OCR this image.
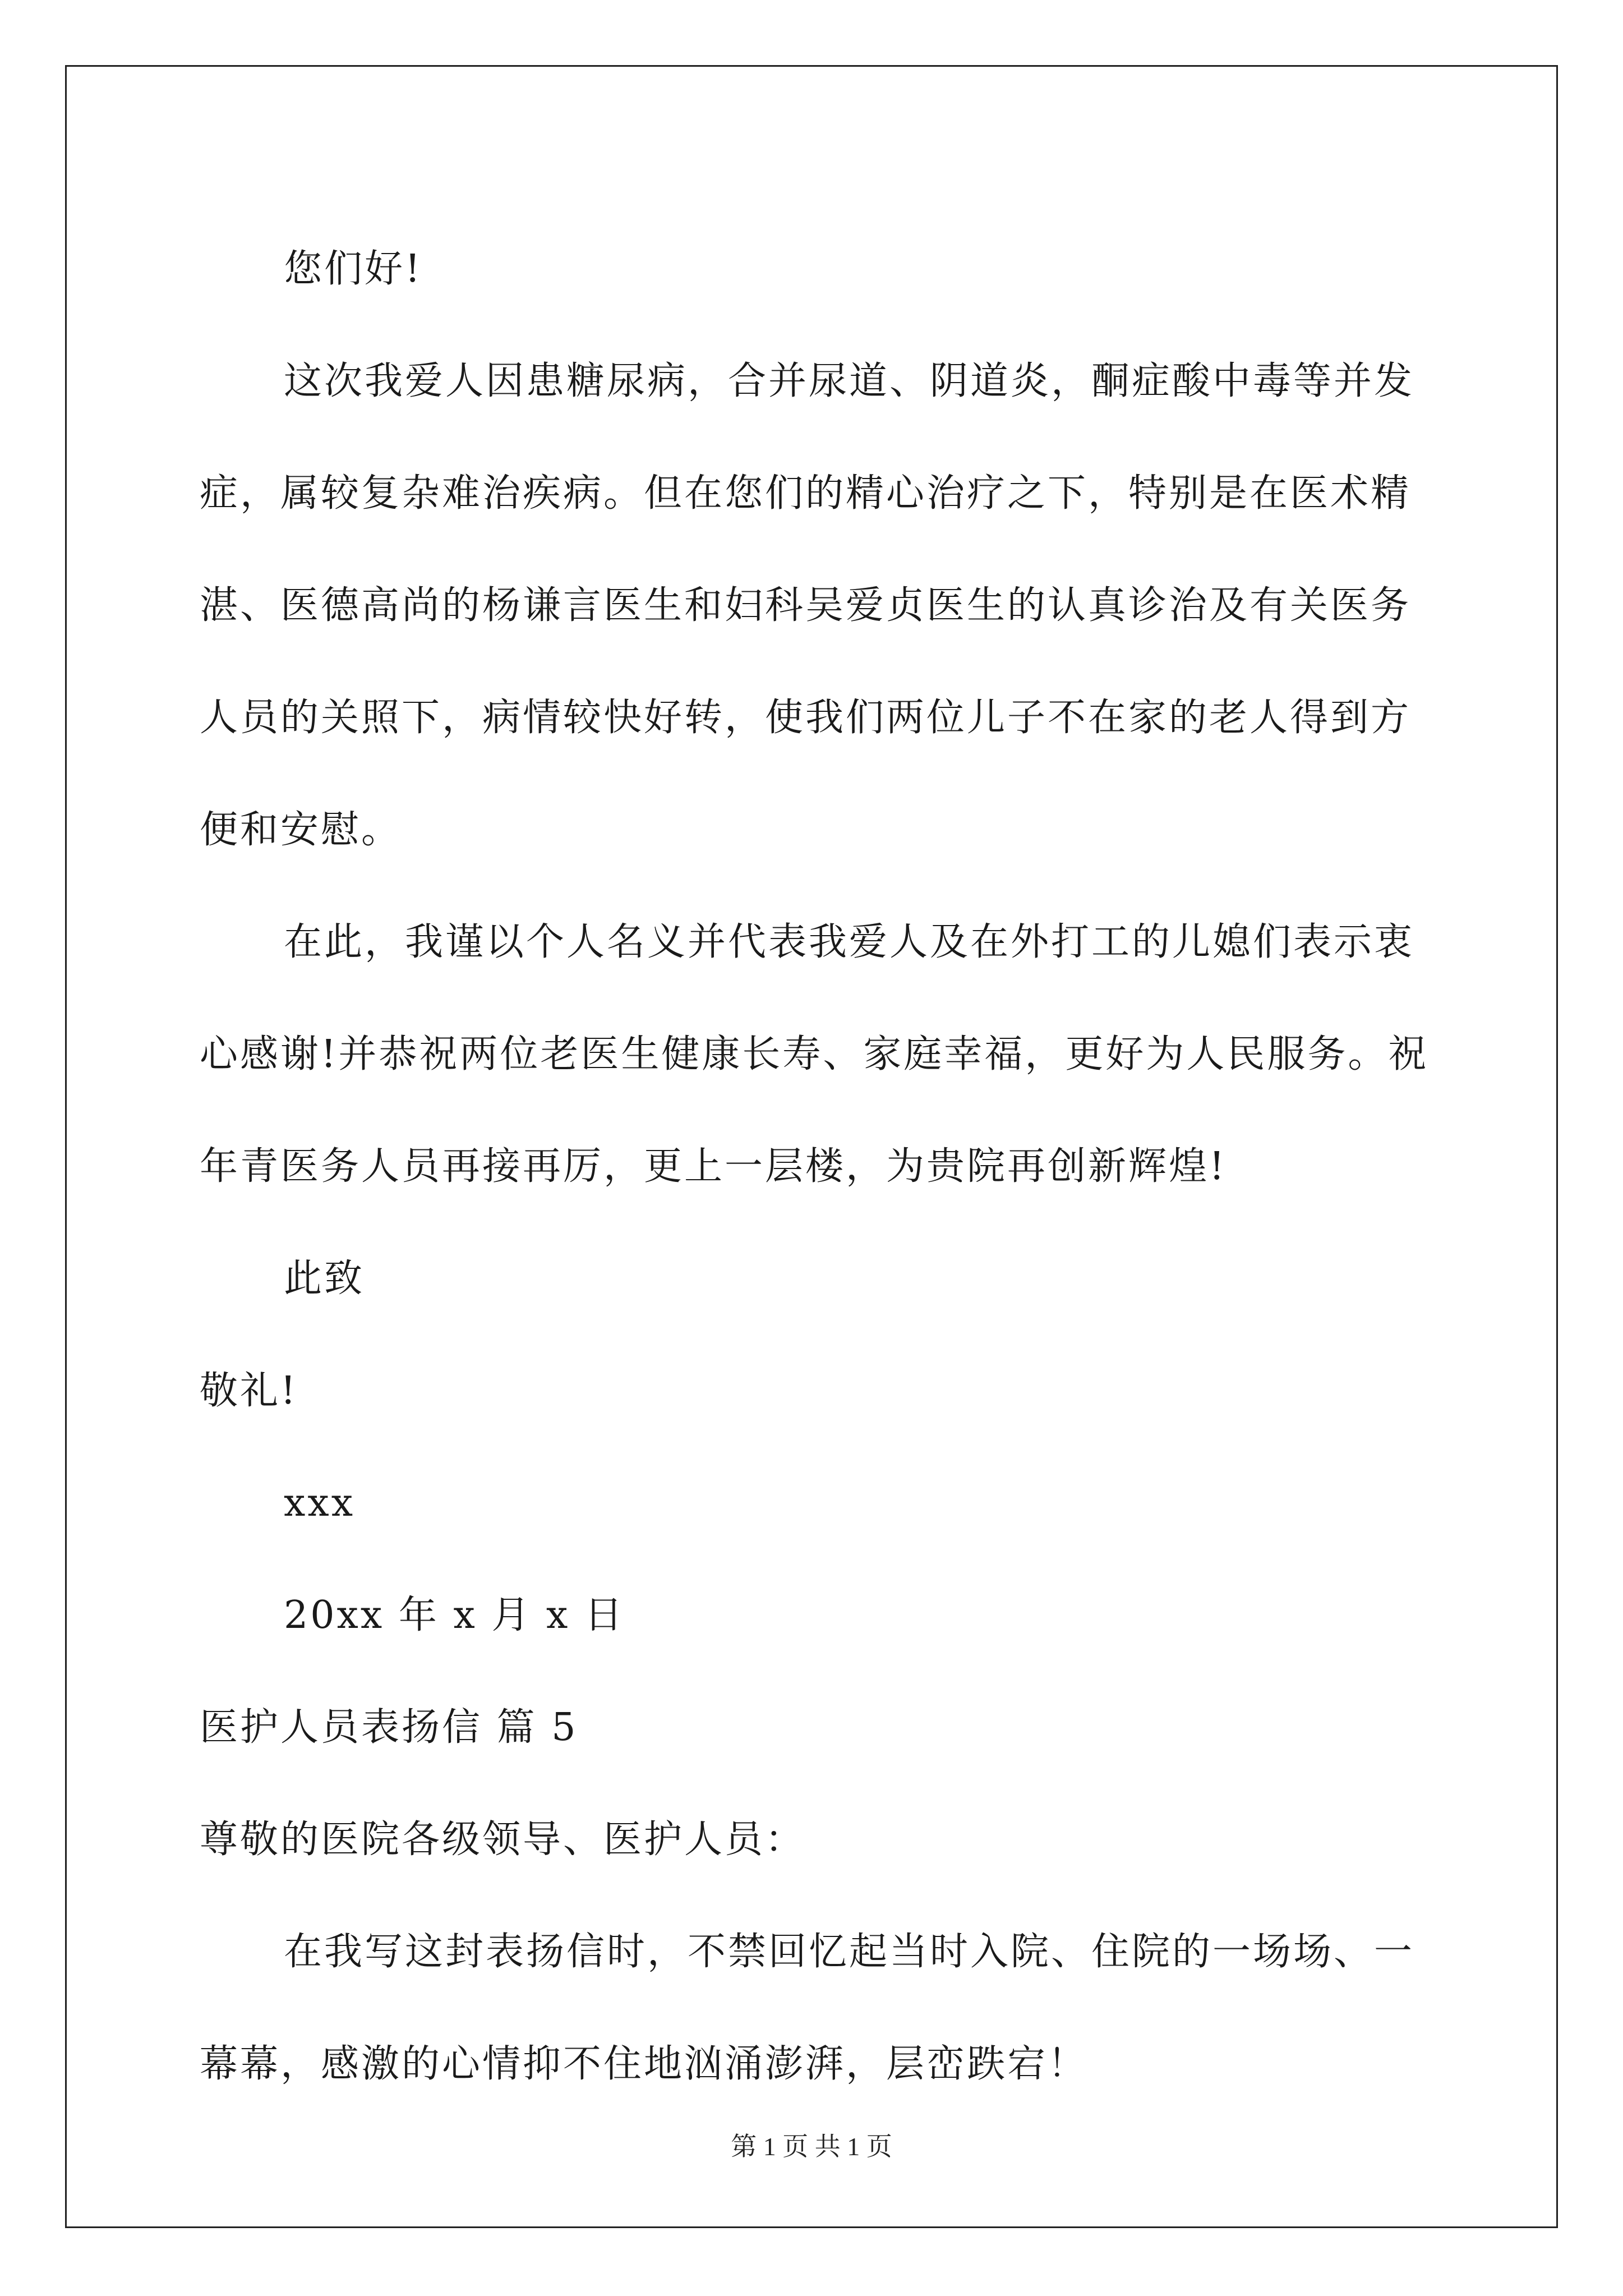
您们好!

这次我爱人因患糖尿病，合并尿道、阴道炎，酮症酸中毒等并发症，属较复杂难治疾病。但在您们的精心治疗之下，特别是在医术精湛、医德高尚的杨谦言医生和妇科吴爱贞医生的认真诊治及有关医务人员的关照下，病情较快好转，使我们两位儿子不在家的老人得到方便和安慰。

在此，我谨以个人名义并代表我爱人及在外打工的儿媳们表示衷心感谢!并恭祝两位老医生健康长寿、家庭幸福，更好为人民服务。祝年青医务人员再接再厉，更上一层楼，为贵院再创新辉煌!

此致

敬礼!

xxx

20xx 年 x 月 x 日

医护人员表扬信 篇 5

尊敬的医院各级领导、医护人员：

在我写这封表扬信时，不禁回忆起当时入院、住院的一场场、一幕幕，感激的心情抑不住地汹涌澎湃，层峦跌宕！

第 1 页 共 1 页
